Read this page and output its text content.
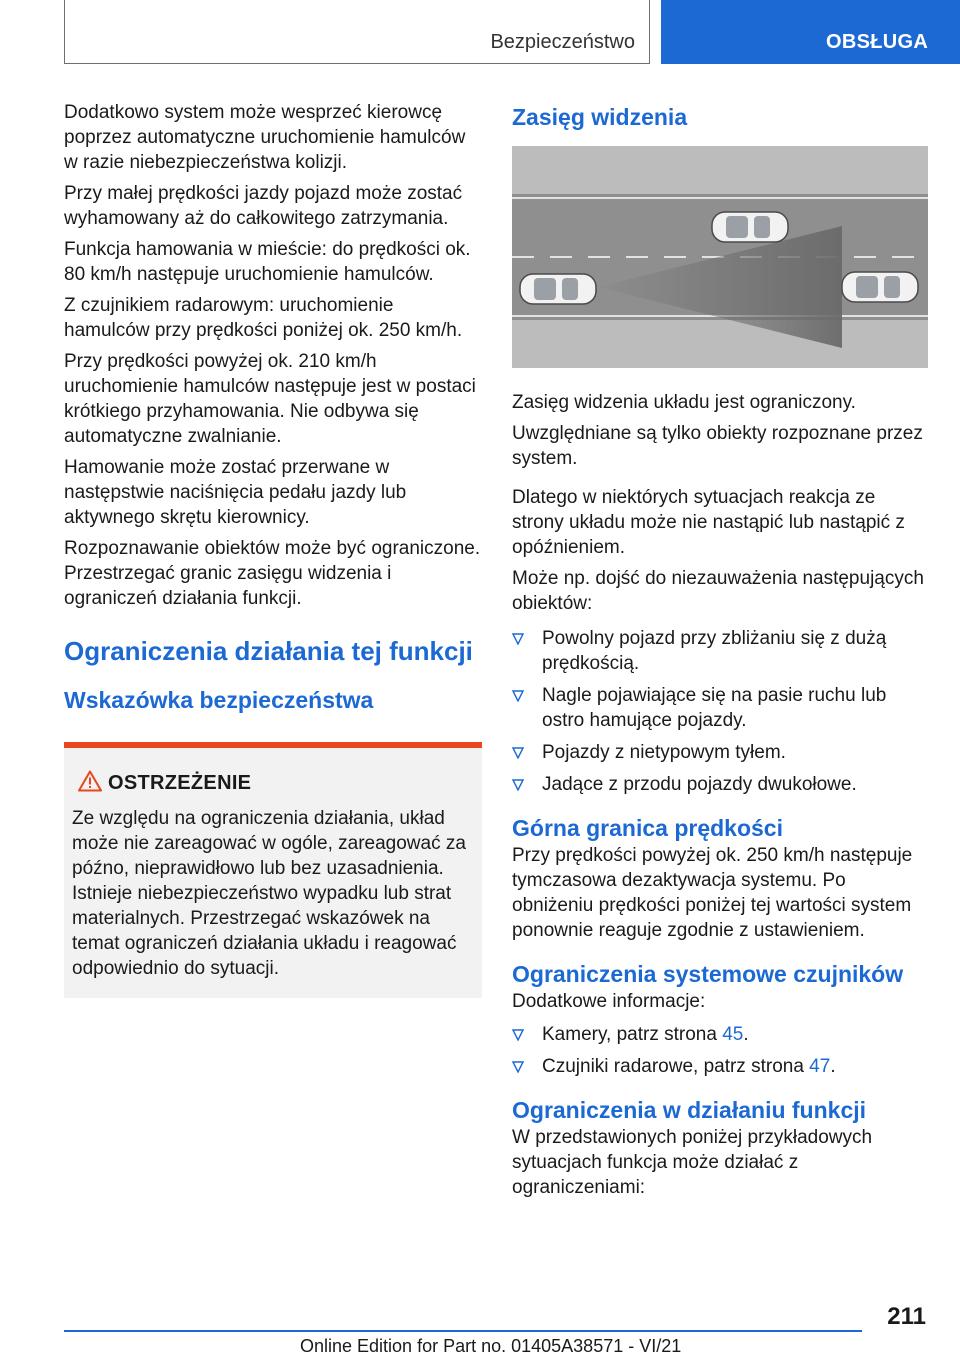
Bezpieczeństwo	OBSŁUGA

Dodatkowo system może wesprzeć kierowcę poprzez automatyczne uruchomienie hamulców w razie niebezpieczeństwa kolizji.

Przy małej prędkości jazdy pojazd może zostać wyhamowany aż do całkowitego zatrzymania.

Funkcja hamowania w mieście: do prędkości ok. 80 km/h następuje uruchomienie hamulców.

Z czujnikiem radarowym: uruchomienie hamulców przy prędkości poniżej ok. 250 km/h.

Przy prędkości powyżej ok. 210 km/h uruchomienie hamulców następuje jest w postaci krótkiego przyhamowania. Nie odbywa się automatyczne zwalnianie.

Hamowanie może zostać przerwane w następstwie naciśnięcia pedału jazdy lub aktywnego skrętu kierownicy.

Rozpoznawanie obiektów może być ograniczone. Przestrzegać granic zasięgu widzenia i ograniczeń działania funkcji.

Ograniczenia działania tej funkcji
Wskazówka bezpieczeństwa
OSTRZEŻENIE
Ze względu na ograniczenia działania, układ może nie zareagować w ogóle, zareagować za późno, nieprawidłowo lub bez uzasadnienia. Istnieje niebezpieczeństwo wypadku lub strat materialnych. Przestrzegać wskazówek na temat ograniczeń działania układu i reagować odpowiednio do sytuacji.
Zasięg widzenia

Zasięg widzenia układu jest ograniczony.

Uwzględniane są tylko obiekty rozpoznane przez system.

Dlatego w niektórych sytuacjach reakcja ze strony układu może nie nastąpić lub nastąpić z opóźnieniem.

Może np. dojść do niezauważenia następujących obiektów:

Powolny pojazd przy zbliżaniu się z dużą prędkością.
Nagle pojawiające się na pasie ruchu lub ostro hamujące pojazdy.
Pojazdy z nietypowym tyłem.
Jadące z przodu pojazdy dwukołowe.
Górna granica prędkości

Przy prędkości powyżej ok. 250 km/h następuje tymczasowa dezaktywacja systemu. Po obniżeniu prędkości poniżej tej wartości system ponownie reaguje zgodnie z ustawieniem.

Ograniczenia systemowe czujników

Dodatkowe informacje:

Kamery, patrz strona 45.
Czujniki radarowe, patrz strona 47.
Ograniczenia w działaniu funkcji

W przedstawionych poniżej przykładowych sytuacjach funkcja może działać z ograniczeniami:

211
Online Edition for Part no. 01405A38571 - VI/21
